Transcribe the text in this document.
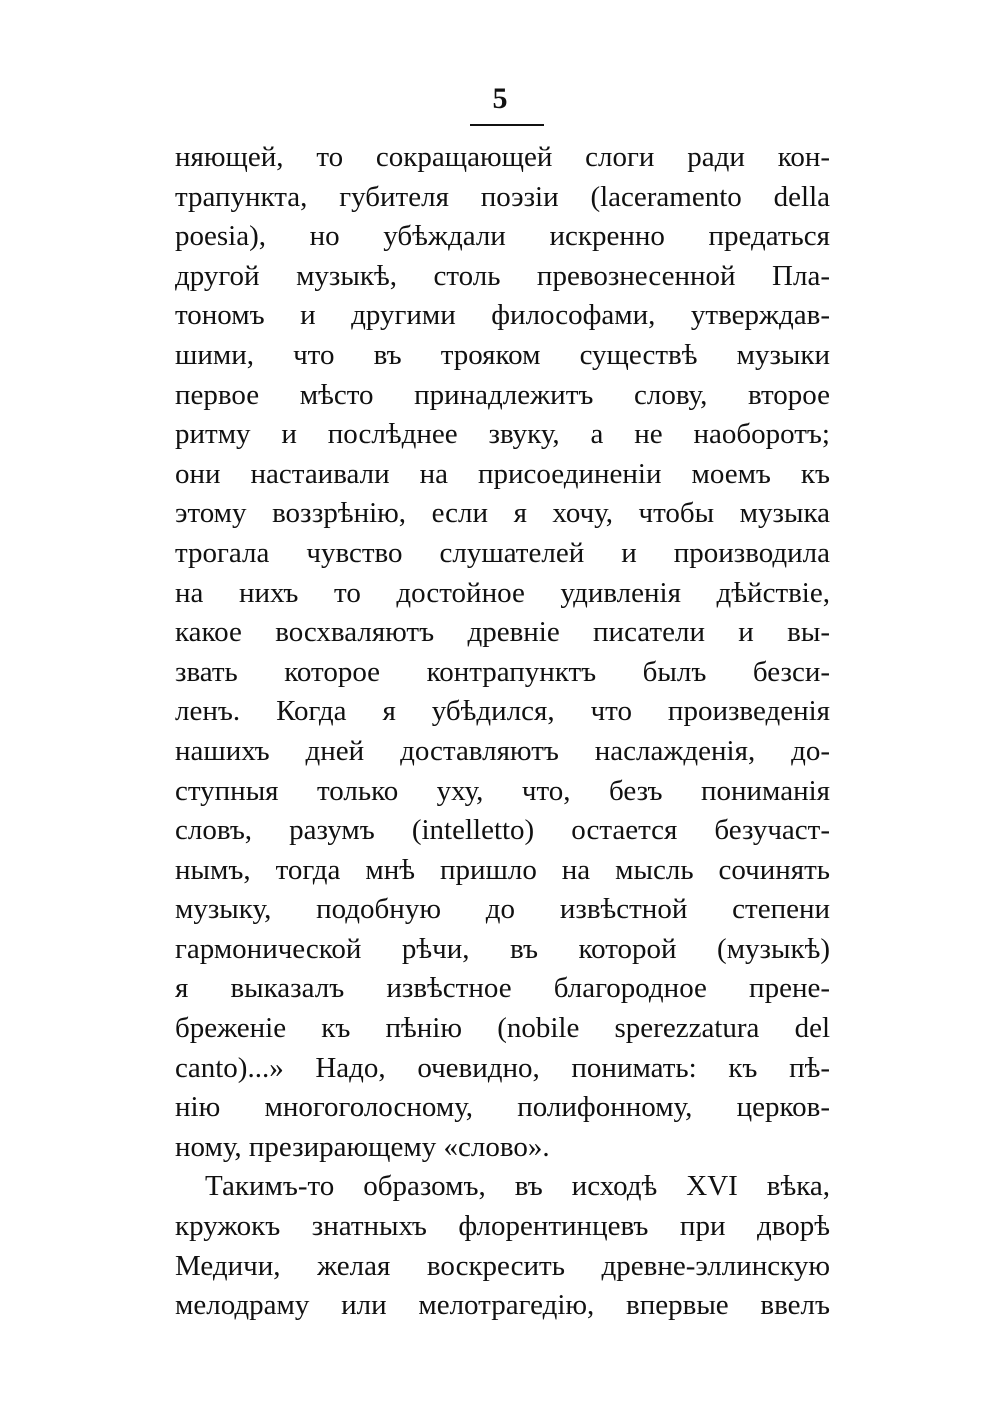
5
няющей, то сокращающей слоги ради кон-
трапункта, губителя поэзіи (laceramento della
poesia), но убѣждали искренно предаться
другой музыкѣ, столь превознесенной Пла-
тономъ и другими философами, утверждав-
шими, что въ трояком существѣ музыки
первое мѣсто принадлежитъ слову, второе
ритму и послѣднее звуку, а не наоборотъ;
они настаивали на присоединеніи моемъ къ
этому воззрѣнію, если я хочу, чтобы музыка
трогала чувство слушателей и производила
на нихъ то достойное удивленія дѣйствіе,
какое восхваляютъ древніе писатели и вы-
звать которое контрапунктъ былъ безси-
ленъ. Когда я убѣдился, что произведенія
нашихъ дней доставляютъ наслажденія, до-
ступныя только уху, что, безъ пониманія
словъ, разумъ (intelletto) остается безучаст-
нымъ, тогда мнѣ пришло на мысль сочинять
музыку, подобную до извѣстной степени
гармонической рѣчи, въ которой (музыкѣ)
я выказалъ извѣстное благородное прене-
бреженіе къ пѣнію (nobile sperezzatura del
canto)...» Надо, очевидно, понимать: къ пѣ-
нію многоголосному, полифонному, церков-
ному, презирающему «слово».
Такимъ-то образомъ, въ исходѣ XVI вѣка,
кружокъ знатныхъ флорентинцевъ при дворѣ
Медичи, желая воскресить древне-эллинскую
мелодраму или мелотрагедію, впервые ввелъ
